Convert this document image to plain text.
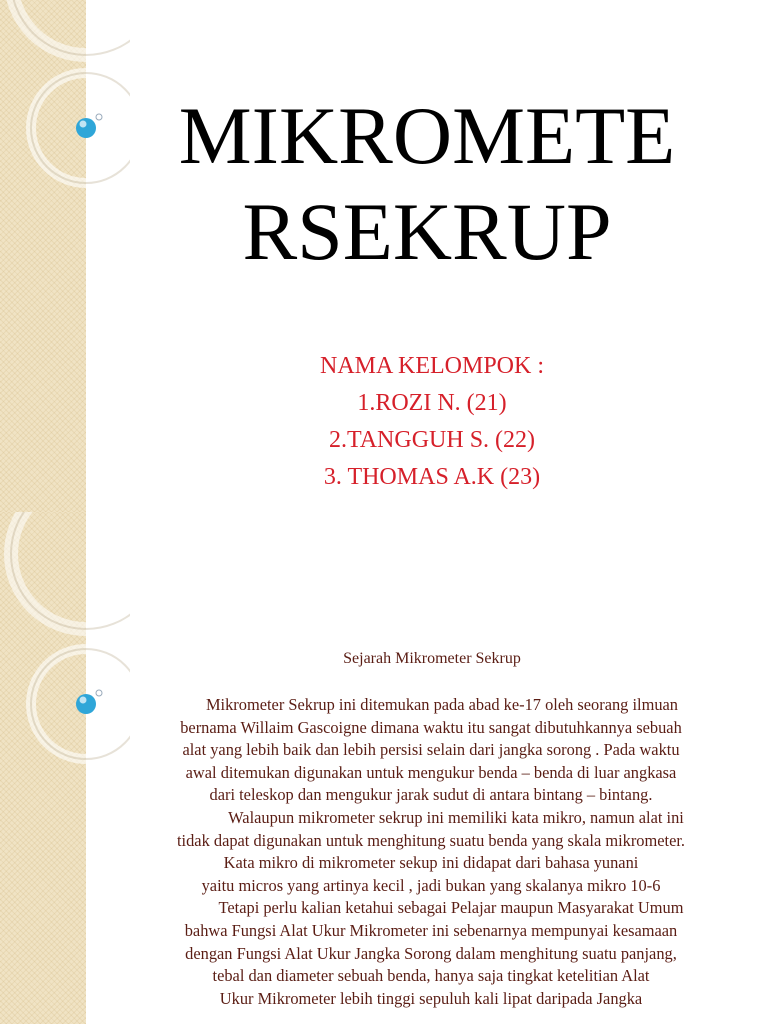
MIKROMETE
RSEKRUP
NAMA KELOMPOK :
1.ROZI N. (21)
2.TANGGUH S. (22)
3. THOMAS A.K (23)
Sejarah Mikrometer Sekrup

Mikrometer Sekrup ini ditemukan pada abad ke-17 oleh seorang ilmuan

bernama Willaim Gascoigne dimana waktu itu sangat dibutuhkannya sebuah

alat yang lebih baik dan lebih persisi selain dari jangka sorong . Pada waktu

awal ditemukan digunakan untuk mengukur benda – benda di luar angkasa

dari teleskop dan mengukur jarak sudut di antara bintang – bintang.

Walaupun mikrometer sekrup ini memiliki kata mikro, namun alat ini

tidak dapat digunakan untuk menghitung suatu benda yang skala mikrometer.

Kata mikro di mikrometer sekup ini didapat dari bahasa yunani

yaitu micros yang artinya kecil , jadi bukan yang skalanya mikro 10-6

Tetapi perlu kalian ketahui sebagai Pelajar maupun Masyarakat Umum

bahwa Fungsi Alat Ukur Mikrometer ini sebenarnya mempunyai kesamaan

dengan Fungsi Alat Ukur Jangka Sorong dalam menghitung suatu panjang,

tebal dan diameter sebuah benda, hanya saja tingkat ketelitian Alat

Ukur Mikrometer lebih tinggi sepuluh kali lipat daripada Jangka
